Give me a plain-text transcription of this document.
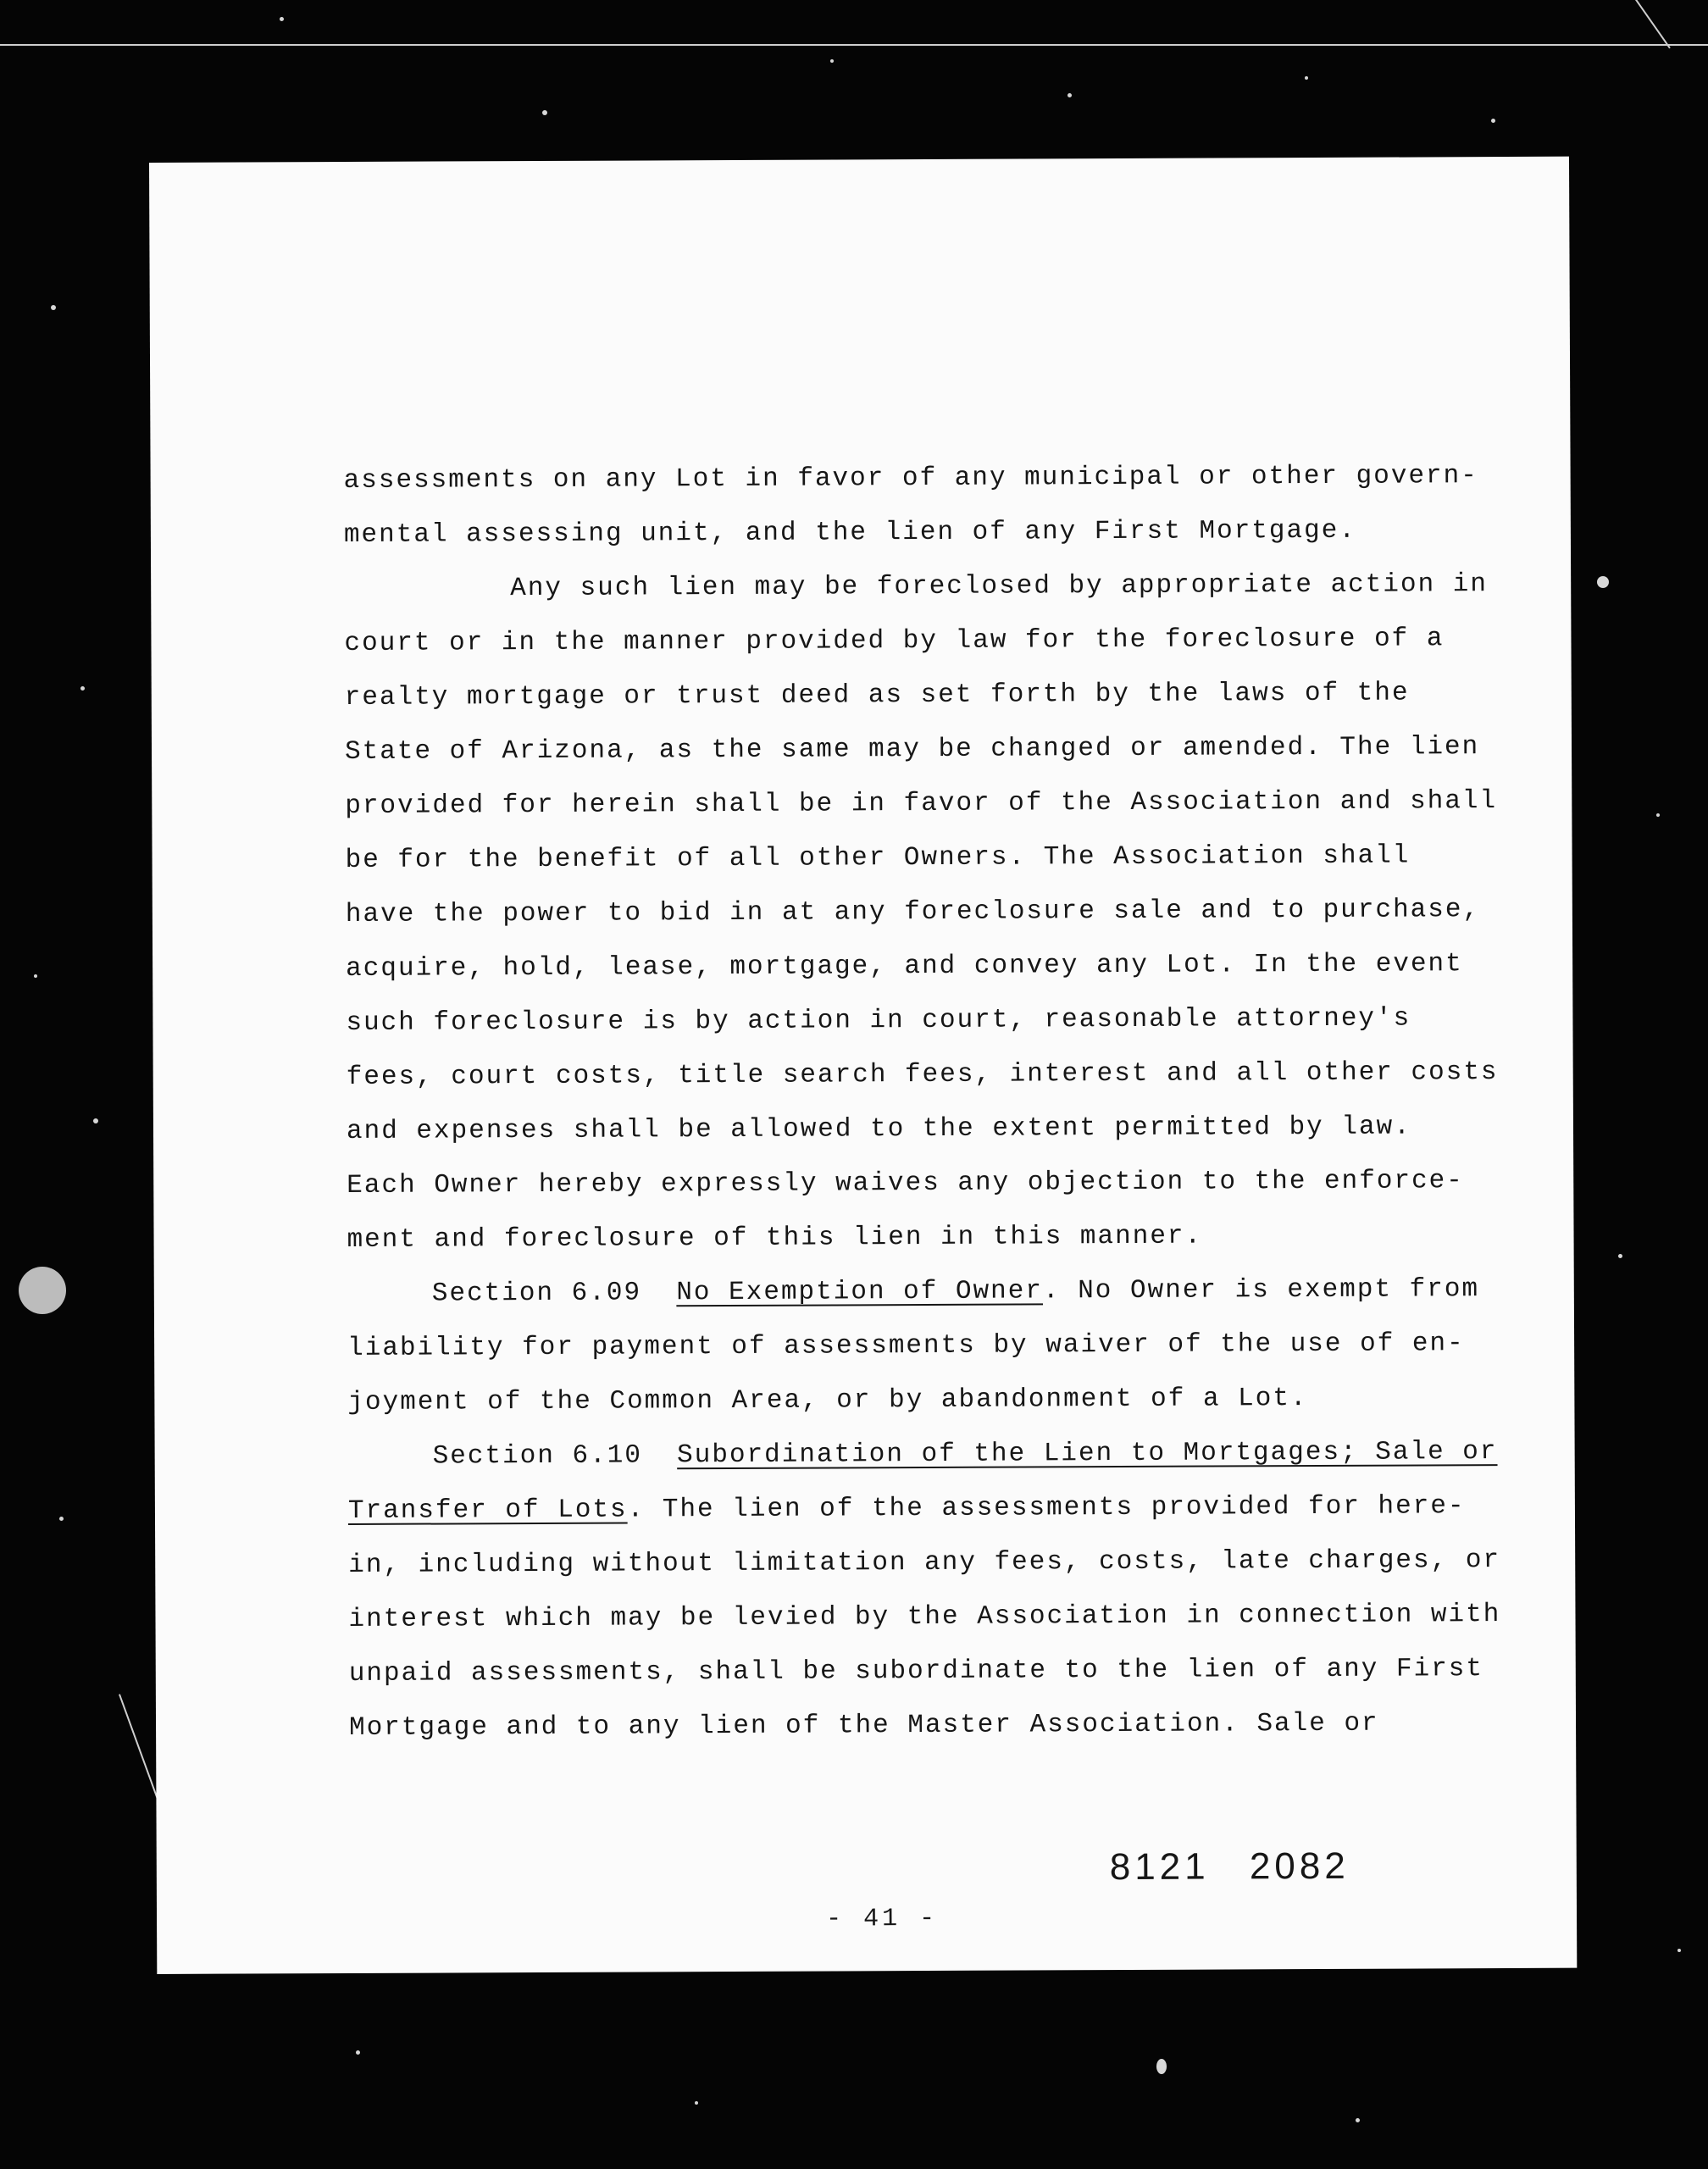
assessments on any Lot in favor of any municipal or other govern-
mental assessing unit, and the lien of any First Mortgage.
Any such lien may be foreclosed by appropriate action in
court or in the manner provided by law for the foreclosure of a
realty mortgage or trust deed as set forth by the laws of the
State of Arizona, as the same may be changed or amended. The lien
provided for herein shall be in favor of the Association and shall
be for the benefit of all other Owners. The Association shall
have the power to bid in at any foreclosure sale and to purchase,
acquire, hold, lease, mortgage, and convey any Lot. In the event
such foreclosure is by action in court, reasonable attorney's
fees, court costs, title search fees, interest and all other costs
and expenses shall be allowed to the extent permitted by law.
Each Owner hereby expressly waives any objection to the enforce-
ment and foreclosure of this lien in this manner.
Section 6.09 No Exemption of Owner. No Owner is exempt from
liability for payment of assessments by waiver of the use of en-
joyment of the Common Area, or by abandonment of a Lot.
Section 6.10 Subordination of the Lien to Mortgages; Sale or
Transfer of Lots. The lien of the assessments provided for here-
in, including without limitation any fees, costs, late charges, or
interest which may be levied by the Association in connection with
unpaid assessments, shall be subordinate to the lien of any First
Mortgage and to any lien of the Master Association. Sale or
8121 2082
- 41 -
